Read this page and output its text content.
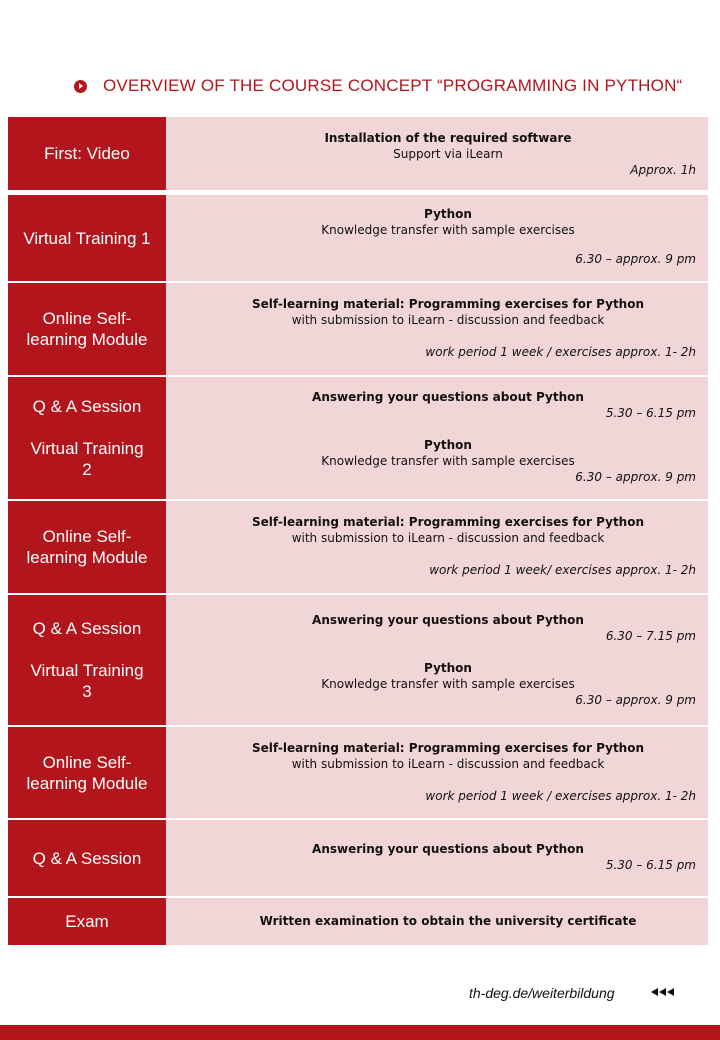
OVERVIEW OF THE COURSE CONCEPT “PROGRAMMING IN PYTHON“
First: Video
Installation of the required software
Support via iLearn
Approx. 1h
Virtual Training 1
Python
Knowledge transfer with sample exercises
6.30 – approx. 9 pm
Online Self-
learning Module
Self-learning material: Programming exercises for Python
with submission to iLearn - discussion and feedback
work period 1 week / exercises approx. 1- 2h
Q & A Session
Virtual Training
2
Answering your questions about Python
5.30 – 6.15 pm
Python
Knowledge transfer with sample exercises
6.30 – approx. 9 pm
Online Self-
learning Module
Self-learning material: Programming exercises for Python
with submission to iLearn - discussion and feedback
work period 1 week/ exercises approx. 1- 2h
Q & A Session
Virtual Training
3
Answering your questions about Python
6.30 – 7.15 pm
Python
Knowledge transfer with sample exercises
6.30 – approx. 9 pm
Online Self-
learning Module
Self-learning material: Programming exercises for Python
with submission to iLearn - discussion and feedback
work period 1 week / exercises approx. 1- 2h
Q & A Session	Answering your questions about Python
5.30 – 6.15 pm
Exam	Written examination to obtain the university certificate
th-deg.de/weiterbildung
